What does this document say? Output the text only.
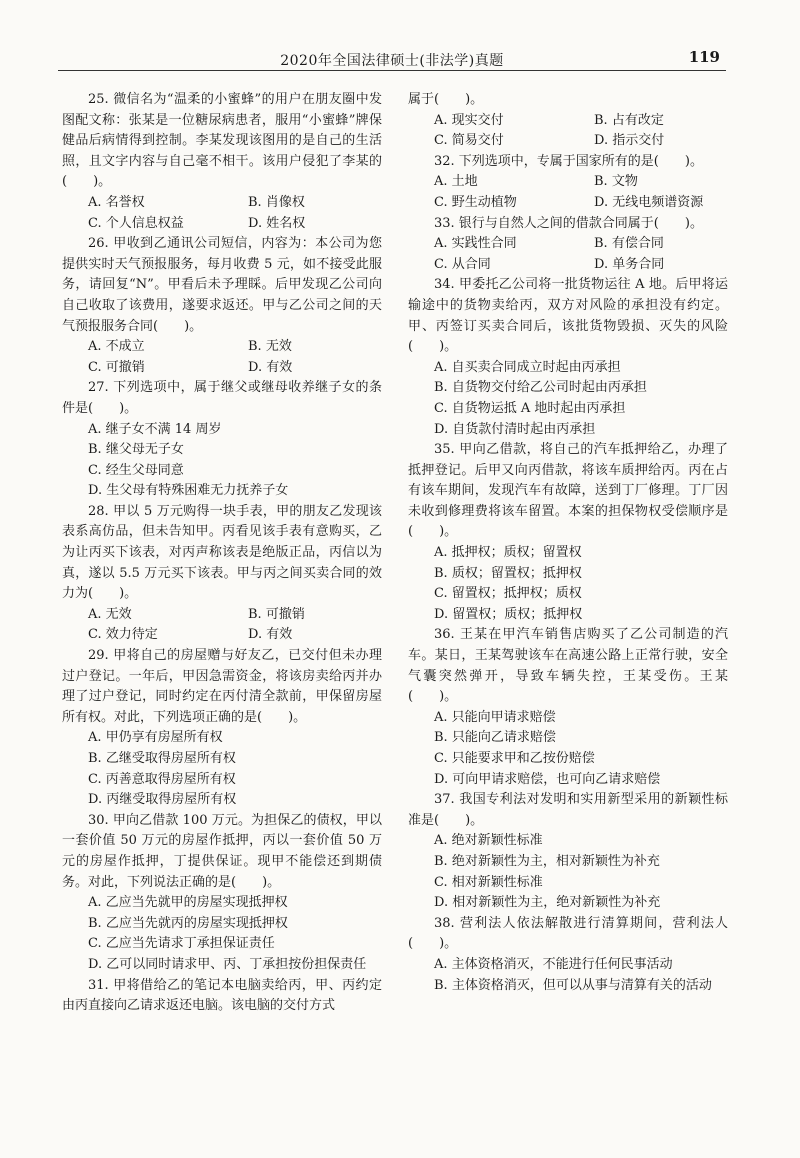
2020年全国法律硕士(非法学)真题	119

25. 微信名为“温柔的小蜜蜂”的用户在朋友圈中发图配文称：张某是一位糖尿病患者，服用“小蜜蜂”牌保健品后病情得到控制。李某发现该图用的是自己的生活照，且文字内容与自己毫不相干。该用户侵犯了李某的(　　)。

A. 名誉权	B. 肖像权
C. 个人信息权益	D. 姓名权

26. 甲收到乙通讯公司短信，内容为：本公司为您提供实时天气预报服务，每月收费 5 元，如不接受此服务，请回复“N”。甲看后未予理睬。后甲发现乙公司向自己收取了该费用，遂要求返还。甲与乙公司之间的天气预报服务合同(　　)。

A. 不成立	B. 无效
C. 可撤销	D. 有效

27. 下列选项中，属于继父或继母收养继子女的条件是(　　)。

A. 继子女不满 14 周岁
B. 继父母无子女
C. 经生父母同意
D. 生父母有特殊困难无力抚养子女

28. 甲以 5 万元购得一块手表，甲的朋友乙发现该表系高仿品，但未告知甲。丙看见该手表有意购买，乙为让丙买下该表，对丙声称该表是绝版正品，丙信以为真，遂以 5.5 万元买下该表。甲与丙之间买卖合同的效力为(　　)。

A. 无效	B. 可撤销
C. 效力待定	D. 有效

29. 甲将自己的房屋赠与好友乙，已交付但未办理过户登记。一年后，甲因急需资金，将该房卖给丙并办理了过户登记，同时约定在丙付清全款前，甲保留房屋所有权。对此，下列选项正确的是(　　)。

A. 甲仍享有房屋所有权
B. 乙继受取得房屋所有权
C. 丙善意取得房屋所有权
D. 丙继受取得房屋所有权

30. 甲向乙借款 100 万元。为担保乙的债权，甲以一套价值 50 万元的房屋作抵押，丙以一套价值 50 万元的房屋作抵押，丁提供保证。现甲不能偿还到期债务。对此，下列说法正确的是(　　)。

A. 乙应当先就甲的房屋实现抵押权
B. 乙应当先就丙的房屋实现抵押权
C. 乙应当先请求丁承担保证责任
D. 乙可以同时请求甲、丙、丁承担按份担保责任

31. 甲将借给乙的笔记本电脑卖给丙，甲、丙约定由丙直接向乙请求返还电脑。该电脑的交付方式

属于(　　)。

A. 现实交付	B. 占有改定
C. 简易交付	D. 指示交付

32. 下列选项中，专属于国家所有的是(　　)。

A. 土地	B. 文物
C. 野生动植物	D. 无线电频谱资源

33. 银行与自然人之间的借款合同属于(　　)。

A. 实践性合同	B. 有偿合同
C. 从合同	D. 单务合同

34. 甲委托乙公司将一批货物运往 A 地。后甲将运输途中的货物卖给丙，双方对风险的承担没有约定。甲、丙签订买卖合同后，该批货物毁损、灭失的风险(　　)。

A. 自买卖合同成立时起由丙承担
B. 自货物交付给乙公司时起由丙承担
C. 自货物运抵 A 地时起由丙承担
D. 自货款付清时起由丙承担

35. 甲向乙借款，将自己的汽车抵押给乙，办理了抵押登记。后甲又向丙借款，将该车质押给丙。丙在占有该车期间，发现汽车有故障，送到丁厂修理。丁厂因未收到修理费将该车留置。本案的担保物权受偿顺序是(　　)。

A. 抵押权；质权；留置权
B. 质权；留置权；抵押权
C. 留置权；抵押权；质权
D. 留置权；质权；抵押权

36. 王某在甲汽车销售店购买了乙公司制造的汽车。某日，王某驾驶该车在高速公路上正常行驶，安全气囊突然弹开，导致车辆失控，王某受伤。王某(　　)。

A. 只能向甲请求赔偿
B. 只能向乙请求赔偿
C. 只能要求甲和乙按份赔偿
D. 可向甲请求赔偿，也可向乙请求赔偿

37. 我国专利法对发明和实用新型采用的新颖性标准是(　　)。

A. 绝对新颖性标准
B. 绝对新颖性为主，相对新颖性为补充
C. 相对新颖性标准
D. 相对新颖性为主，绝对新颖性为补充

38. 营利法人依法解散进行清算期间，营利法人(　　)。

A. 主体资格消灭，不能进行任何民事活动
B. 主体资格消灭，但可以从事与清算有关的活动
